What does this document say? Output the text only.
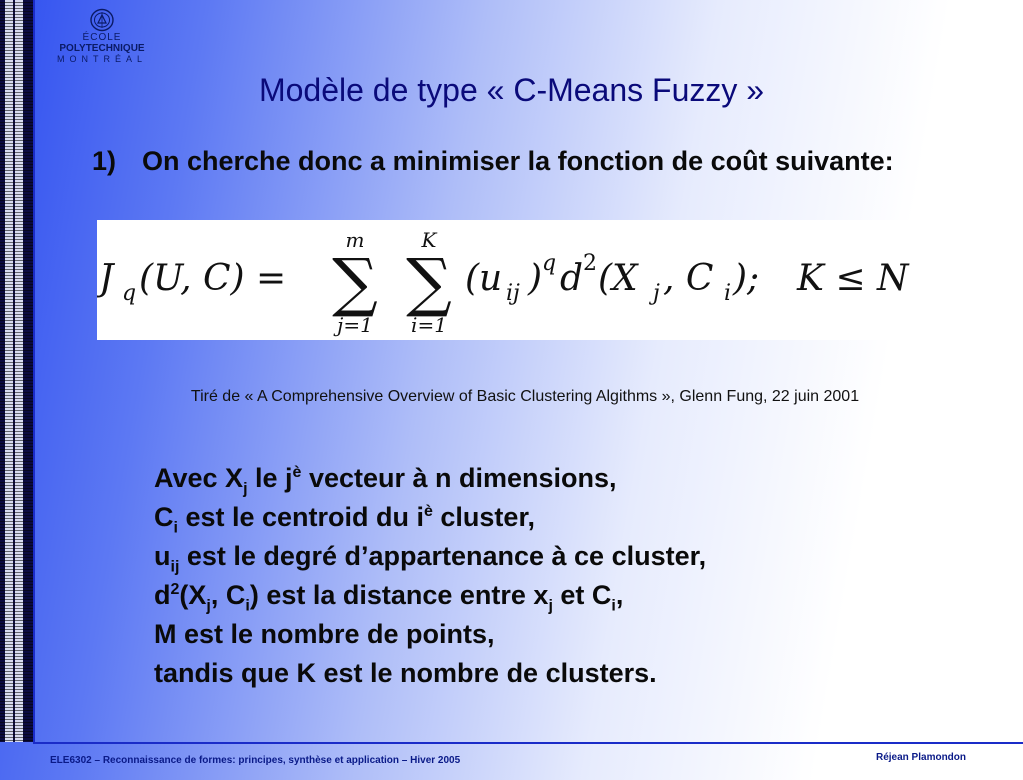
ÉCOLE
POLYTECHNIQUE
MONTRÉAL
Modèle de type « C-Means Fuzzy »
1) On cherche donc a minimiser la fonction de coût suivante:
J q (U, C) =
m
∑
j=1
K
∑
i=1
(u ij ) q d 2 (X j , C i ); K ≤ N
Tiré de « A Comprehensive Overview of Basic Clustering Algithms », Glenn Fung, 22 juin 2001
Avec $X_j$ le $j^è$ vecteur à n dimensions,
$C_i$ est le centroid du $i^è$ cluster,
$u_{ij}$ est le degré d’appartenance à ce cluster,
$d^2(X_j$, $C_i$) est la distance entre $x_j$ et $C_i$,
M est le nombre de points,
tandis que K est le nombre de clusters.
ELE6302 – Reconnaissance de formes: principes, synthèse et application – Hiver 2005	Réjean Plamondon
